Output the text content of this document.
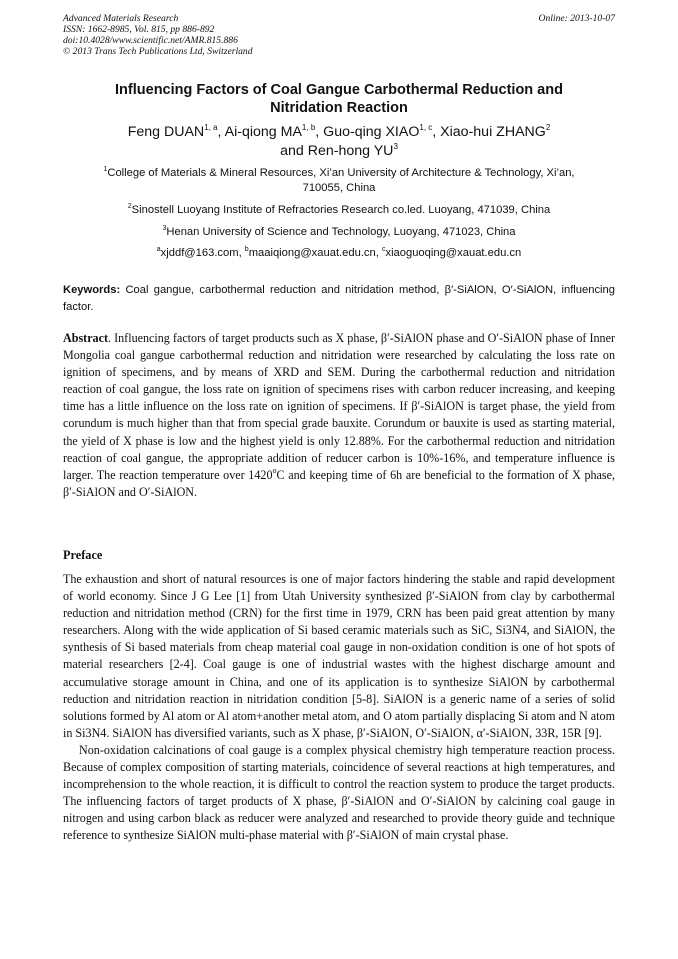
Advanced Materials Research
ISSN: 1662-8985, Vol. 815, pp 886-892
doi:10.4028/www.scientific.net/AMR.815.886
© 2013 Trans Tech Publications Ltd, Switzerland
Online: 2013-10-07
Influencing Factors of Coal Gangue Carbothermal Reduction and
Nitridation Reaction
Feng DUAN$^{1, a}$, Ai-qiong MA$^{1, b}$, Guo-qing XIAO$^{1, c}$, Xiao-hui ZHANG$^2$
and Ren-hong $YU^3$
$^1$College of Materials & Mineral Resources, Xi’an University of Architecture & Technology, Xi’an,
710055, China
$^2$Sinostell Luoyang Institute of Refractories Research co.led. Luoyang, 471039, China
$^3$Henan University of Science and Technology, Luoyang, 471023, China
$^a$xjddf@163.com, $^b$maaiqiong@xauat.edu.cn, $^c$xiaoguoqing@xauat.edu.cn
Keywords: Coal gangue, carbothermal reduction and nitridation method, β′-SiAlON, O′-SiAlON, influencing factor.
Abstract. Influencing factors of target products such as X phase, β′-SiAlON phase and O′-SiAlON phase of Inner Mongolia coal gangue carbothermal reduction and nitridation were researched by calculating the loss rate on ignition of specimens, and by means of XRD and SEM. During the carbothermal reduction and nitridation reaction of coal gangue, the loss rate on ignition of specimens rises with carbon reducer increasing, and keeping time has a little influence on the loss rate on ignition of specimens. If β′-SiAlON is target phase, the yield from corundum is much higher than that from special grade bauxite. Corundum or bauxite is used as starting material, the yield of X phase is low and the highest yield is only 12.88%. For the carbothermal reduction and nitridation reaction of coal gangue, the appropriate addition of reducer carbon is 10%-16%, and temperature influence is larger. The reaction temperature over 1420$^o$C and keeping time of 6h are beneficial to the formation of X phase, β′-SiAlON and O′-SiAlON.
Preface

The exhaustion and short of natural resources is one of major factors hindering the stable and rapid development of world economy. Since J G Lee [1] from Utah University synthesized β′-SiAlON from clay by carbothermal reduction and nitridation method (CRN) for the first time in 1979, CRN has been paid great attention by many researchers. Along with the wide application of Si based ceramic materials such as SiC, Si3N4, and SiAlON, the synthesis of Si based materials from cheap material coal gauge in non-oxidation condition is one of hot spots of material researchers [2-4]. Coal gauge is one of industrial wastes with the highest discharge amount and accumulative storage amount in China, and one of its application is to synthesize SiAlON by carbothermal reduction and nitridation reaction in nitridation condition [5-8]. SiAlON is a generic name of a series of solid solutions formed by Al atom or Al atom+another metal atom, and O atom partially displacing Si atom and N atom in Si3N4. SiAlON has diversified variants, such as X phase, β′-SiAlON, O′-SiAlON, α′-SiAlON, 33R, 15R [9].

Non-oxidation calcinations of coal gauge is a complex physical chemistry high temperature reaction process. Because of complex composition of starting materials, coincidence of several reactions at high temperatures, and incomprehension to the whole reaction, it is difficult to control the reaction system to produce the target products. The influencing factors of target products of X phase, β′-SiAlON and O′-SiAlON by calcining coal gauge in nitrogen and using carbon black as reducer were analyzed and researched to provide theory guide and technique reference to synthesize SiAlON multi-phase material with β′-SiAlON of main crystal phase.
